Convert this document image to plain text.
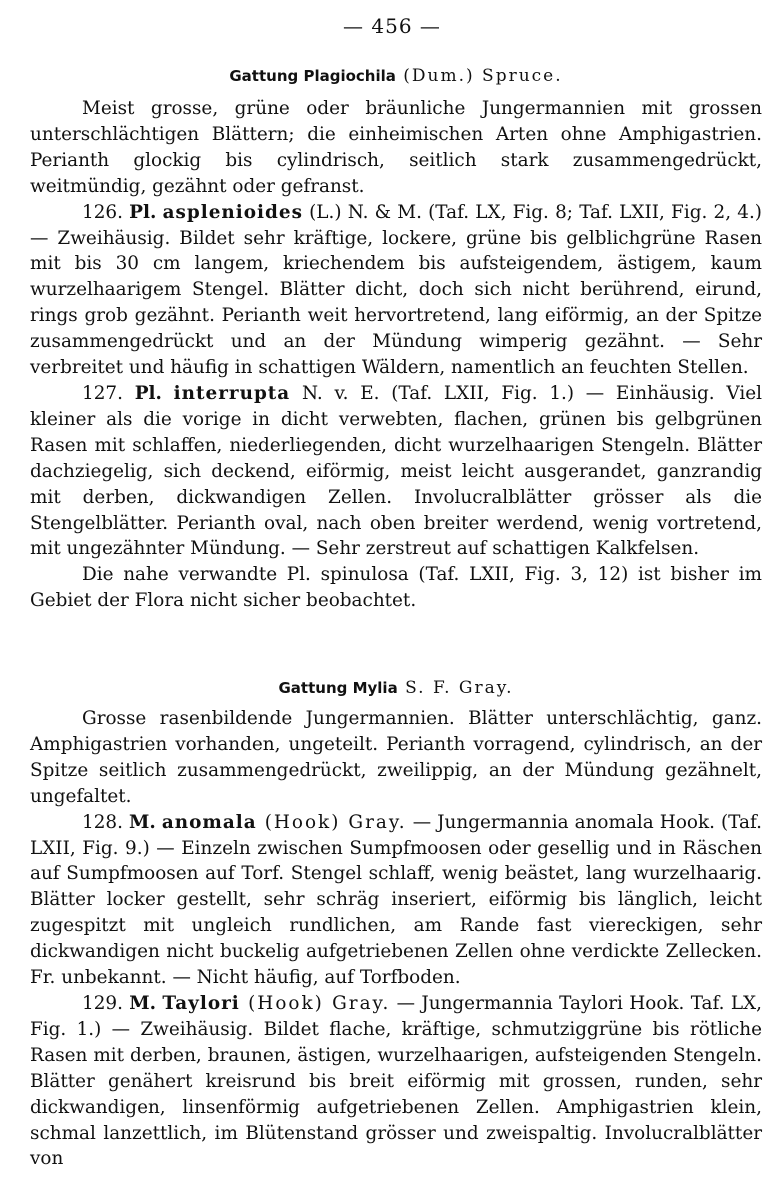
— 456 —
Gattung Plagiochila (Dum.) Spruce.

Meist grosse, grüne oder bräunliche Jungermannien mit grossen unterschlächtigen Blättern; die einheimischen Arten ohne Amphigastrien. Perianth glockig bis cylindrisch, seitlich stark zusammengedrückt, weitmündig, gezähnt oder gefranst.

126. Pl. asplenioides (L.) N. & M. (Taf. LX, Fig. 8; Taf. LXII, Fig. 2, 4.) — Zweihäusig. Bildet sehr kräftige, lockere, grüne bis gelblichgrüne Rasen mit bis 30 cm langem, kriechendem bis aufsteigendem, ästigem, kaum wurzelhaarigem Stengel. Blätter dicht, doch sich nicht berührend, eirund, rings grob gezähnt. Perianth weit hervortretend, lang eiförmig, an der Spitze zusammengedrückt und an der Mündung wimperig gezähnt. — Sehr verbreitet und häufig in schattigen Wäldern, namentlich an feuchten Stellen.

127. Pl. interrupta N. v. E. (Taf. LXII, Fig. 1.) — Einhäusig. Viel kleiner als die vorige in dicht verwebten, flachen, grünen bis gelbgrünen Rasen mit schlaffen, niederliegenden, dicht wurzelhaarigen Stengeln. Blätter dachziegelig, sich deckend, eiförmig, meist leicht ausgerandet, ganzrandig mit derben, dickwandigen Zellen. Involucralblätter grösser als die Stengelblätter. Perianth oval, nach oben breiter werdend, wenig vortretend, mit ungezähnter Mündung. — Sehr zerstreut auf schattigen Kalkfelsen.

Die nahe verwandte Pl. spinulosa (Taf. LXII, Fig. 3, 12) ist bisher im Gebiet der Flora nicht sicher beobachtet.

Gattung Mylia S. F. Gray.

Grosse rasenbildende Jungermannien. Blätter unterschlächtig, ganz. Amphigastrien vorhanden, ungeteilt. Perianth vorragend, cylindrisch, an der Spitze seitlich zusammengedrückt, zweilippig, an der Mündung gezähnelt, ungefaltet.

128. M. anomala (Hook) Gray. — Jungermannia anomala Hook. (Taf. LXII, Fig. 9.) — Einzeln zwischen Sumpfmoosen oder gesellig und in Räschen auf Sumpfmoosen auf Torf. Stengel schlaff, wenig beästet, lang wurzelhaarig. Blätter locker gestellt, sehr schräg inseriert, eiförmig bis länglich, leicht zugespitzt mit ungleich rundlichen, am Rande fast viereckigen, sehr dickwandigen nicht buckelig aufgetriebenen Zellen ohne verdickte Zellecken. Fr. unbekannt. — Nicht häufig, auf Torfboden.

129. M. Taylori (Hook) Gray. — Jungermannia Taylori Hook. Taf. LX, Fig. 1.) — Zweihäusig. Bildet flache, kräftige, schmutziggrüne bis rötliche Rasen mit derben, braunen, ästigen, wurzelhaarigen, aufsteigenden Stengeln. Blätter genähert kreisrund bis breit eiförmig mit grossen, runden, sehr dickwandigen, linsenförmig aufgetriebenen Zellen. Amphigastrien klein, schmal lanzettlich, im Blütenstand grösser und zweispaltig. Involucralblätter von
